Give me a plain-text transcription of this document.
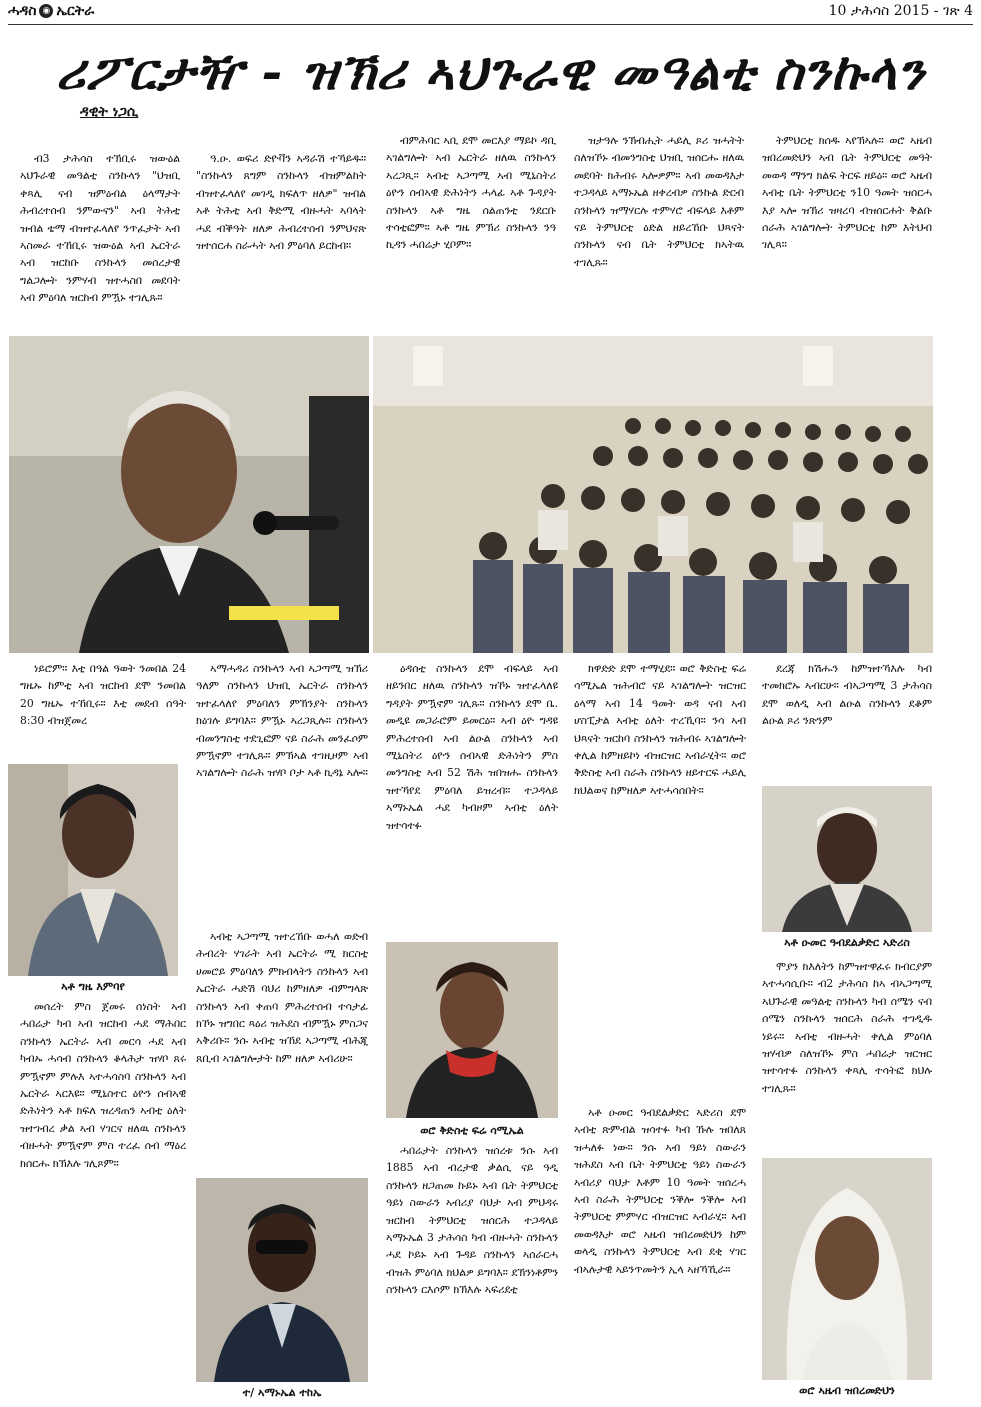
ሓዳስ ◉ ኤርትራ	10 ታሕሳስ 2015 - ገጽ 4
ሪፖርታዥ - ዝኽሪ ኣህጉራዊ መዓልቲ ስንኩላን
ዳዊት ነጋሲ

ብ3 ታሕሳስ ተኽቢሩ ዝውዕል ኣህጉራዊ መዓልቲ ስንኩላን "ህዝቢ ቀጻሊ ናብ ዝምዕብል ዕላማታት ሕብረተሰብ ንምውናን" ኣብ ትሕቲ ዝብል ቴማ ብዝተፈላለየ ንጥፈታት ኣብ ኣስመራ ተኸቢሩ ዝውዕል ኣብ ኤርትራ ኣብ ዝርከቡ ስንኩላን መሰረታዊ ግልጋሎት ንምሃብ ዝተሓስበ መደባት ኣብ ምዕባለ ዝርከብ ምዃኑ ተገሊጹ።

ዓ.ዑ. ወፍሪ ድዮቫን ኣዳራሽ ተኻይዱ። "ስንኩላን ጸግም ስንኩላን ብዝምልከት ብዝተፈላለየ መገዲ ክፍለጥ ዘለዎ" ዝብል ኣቶ ትሕቲ ኣብ ቅድሚ ብዙሓት ኣባላት ሓደ ብቕዓት ዘለዎ ሕብረተሰብ ንምህናጽ ዝተሰርሐ ስራሓት ኣብ ምዕባለ ይርከብ።

ብምሕባር ኣቢ ደሞ መርእያ ማይኮ ዳቢ ኣገልግሎት ኣብ ኤርትራ ዘለዉ ስንኩላን ኣረጋጺ። ኣብቲ ኣጋጣሚ ኣብ ሚኒስትሪ ዕዮን ሰብኣዊ ድሕነትን ሓላፊ ኣቶ ጉዳያት ስንኩላን ኣቶ ግዜ ሰልጠንቲ ንደርቡ ተሳቲፎም። ኣቶ ግዜ ምኽሪ ስንኩላን ንዓ ኪዳን ሓበሬታ ሂቦም።

ዝታዓሉ ንኽብሒት ሓይሊ ጾሪ ዝሓትት ስለዝኾኑ ብመንግስቲ ህዝቢ ዝሰርሑ ዘለዉ መደባት ክሕብሩ ኣሎዎም። ኣብ መወዳእታ ተጋዳላይ ኣማኑኤል ዘቀረብዎ ስንኩል ድርብ ስንኩላን ዝማሃርሉ ተምሃሮ ብፍላይ እቶም ናይ ትምህርቲ ዕድል ዘይረኸቡ ህጻናት ስንኩላን ናብ ቤት ትምህርቲ ክኣትዉ ተገሊጹ።

ትምህርቲ ክሰዱ ኣየኽኣሉ። ወሮ ኣዜብ ዝበረመድህን ኣብ ቤት ትምህርቲ መዓት መወዳ ማንግ ክልፍ ትርፍ ዘይዕ። ወሮ ኣዜብ ኣብቲ ቤት ትምህርቲ ን10 ዓመት ዝሰርሓ እያ ኣሎ ዝኽሪ ዝዛረባ ብዝሰርሐት ቅልቡ ሰራሕ ኣገልግሎት ትምህርቲ ከም እትህብ ገሊጻ።

ነይሮም። እቲ በዓል ዓወት ንመበል 24 ግዜኡ ከምቲ ኣብ ዝርከብ ደሞ ንመበል 20 ግዜኡ ተኸቢሩ። እቲ መደብ ሰዓት 8:30 ብዝጀመረ

ኣማሓዳሪ ስንኩላን ኣብ ኣጋጣሚ ዝኽሪ ዓለም ስንኩላን ህዝቢ ኤርትራ ስንኩላን ዝተፈላለየ ምዕባለን ምኽንያት ስንኩላን ክዕገሉ ይግባእ። ምዃኑ ኣረጋጺሉ። ስንኩላን ብመንግስቲ ተደጊፎም ናይ ስራሕ መንፈሶም ምዃኖም ተገሊጹ። ምኽኣል ተገዚዞም ኣብ ኣገልግሎት ስራሕ ዝሃቦ ቦታ ኣቶ ኪዳኔ ኣሎ።

ዕዳሰቲ ስንኩላን ደሞ ብፍላይ ኣብ ዘይንበር ዘለዉ ስንኩላን ዝኾኑ ዝተፈላለዩ ግዳያት ምዃኖም ገሊጹ። ስንኩላን ደሞ ቤ. መዲዩ መጋራሮም ይመርዕ። ኣብ ዕዮ ግዳዩ ምሕረተሰብ ኣብ ልዑል ስንኩላን ኣብ ሚኒስትሪ ዕዮን ሰብኣዊ ድሕነትን ምስ መንግስቲ ኣብ 52 ሽሕ ዝበዝሑ ስንኩላን ዝተኻየደ ምዕባለ ይዝረብ። ተጋዳላይ ኣማኑኤል ሓደ ካብዞም ኣብቲ ዕለት ዝተሳተፉ

ክዋድድ ደሞ ተማሂደ። ወሮ ቅድስቲ ፍሬ ሳሚኤል ዝሕብሮ ናይ ኣገልግሎት ዝርዝር ዕላማ ኣብ 14 ዓመት ወዳ ናብ ኣብ ሆስፒታል ኣብቲ ዕለት ተረኺባ። ንሳ ኣብ ህጻናት ዝርከባ ስንኩላን ዝሕብሩ ኣገልግሎት ቀሊል ከምዘይኮነ ብዝርዝር ኣብራሂት። ወሮ ቅድስቲ ኣብ ስራሕ ስንኩላን ዘይተርፍ ሓይሊ ክህልወና ከምዘለዎ ኣተሓሳሰበት።

ደረጃ ክሽሑን ከምዝተኻእሉ ካብ ተመክሮኡ ኣብርሁ። ብኣጋጣሚ 3 ታሕሳስ ደሞ ወለዲ ኣብ ልዑል ስንኩላን ደቆም ልዑል ጾሪ ንጽንም

ኣቶ ግዜ እምባየ
ወሮ ቅድስቲ ፍሬ ሳሚኤል
ኣቶ ዑመር ዓብደልቃድር ኣድሪስ

መሰረት ምስ ጀመሩ ሰነስት ኣብ ሓበሬታ ካብ ኣብ ዝርከብ ሓደ ማሕበር ስንኩላን ኤርትራ ኣብ መርሳ ሓደ ኣብ ካብኡ ሓሳብ ስንኩላን ቆላሕታ ዝሃቦ ጸሩ ምዃኖም ምሉእ ኣተሓሳስባ ስንኩላን ኣብ ኤርትራ ኣርእዩ። ሚኒስተር ዕዮን ሰብኣዊ ድሕነትን ኣቶ ክፍለ ዝረዳጠን ኣብቲ ዕለት ዝተገብረ ቃል ኣብ ሃገርና ዘለዉ ስንኩላን ብዙሓት ምዃኖም ምስ ተረፈ ሰብ ማዕረ ክሰርሑ ክኽእሉ ገሊጾም።

ኣብቲ ኣጋጣሚ ዝተረኸቡ ወሓለ ወድብ ሕብረት ሃገራት ኣብ ኤርትራ ሚ ክርስቲ ሀመሮይ ምዕባለን ምክብላትን ስንኩላን ኣብ ኤርትራ ሓድሽ ባህሪ ከምዘለዎ ብምግላጽ ስንኩላን ኣብ ቀጠባ ምሕረተሰብ ተሳታፊ ክኾኑ ዝግበር ጻዕሪ ዝሕደስ ብምዃኑ ምስጋና ኣቅሪቡ። ንሱ ኣብቲ ዝኸደ ኣጋጣሚ ብሕጂ ጸቢብ ኣገልግሎታት ከም ዘለዎ ኣብሪሁ።

ሓበሬታት ስንኩላን ዝሰረቱ ንሱ ኣብ 1885 ኣብ ብረታዊ ቃልሲ ናይ ዓዲ ስንኩላን ዘጋጠመ ኩይኑ ኣብ ቤት ትምህርቲ ዓይነ ስውራን ኣብሪያ ባህታ ኣብ ምህዳሩ ዝርከብ ትምህርቲ ዝሰርሕ ተጋዳላይ ኣማኑኤል 3 ታሕሳስ ካብ ብዙሓት ስንኩላን ሓደ ኮይኑ ኣብ ጉዳይ ስንኩላን ኣሰራርሓ ብዝሕ ምዕባለ ክህልዎ ይግባእ። ደኽንነቶምን ስንኩላን ርእሶም ክኽእሉ ኣፍሪደቲ

ኣቶ ዑመር ዓብደልቃድር ኣድሪስ ደሞ ኣብቲ ጽምብል ዝሳተፉ ካብ ኹሉ ዝበለጸ ዝሓለፉ ነው። ንሱ ኣብ ዓይነ ስውራን ዝሕደስ ኣብ ቤት ትምህርቲ ዓይነ ስውራን ኣብሪያ ባህታ እቶም 10 ዓመት ዝሰረሓ ኣብ ስራሕ ትምህርቲ ንቕሎ ንቕሎ ኣብ ትምህርቲ ምምሃር ብዝርዝር ኣብራሂ። ኣብ መወዳእታ ወሮ ኣዜብ ዝበረመድህን ከም ወላዲ ስንኩላን ትምህርቲ ኣብ ደቂ ሃገር ብኣሉታዊ ኣይንጥመትን ኢላ ኣዘኻኺራ።

ሞያን ክእለትን ከምዝተዋፈሩ ክብርያም ኣተሓሳሲቡ። ብ2 ታሕሳስ ከኣ ብኣጋጣሚ ኣህጉራዊ መዓልቲ ስንኩላን ካብ ሰሜን ናብ ሰሜን ስንኩላን ዝሰርሕ ስራሕ ተገዲዱ ነይሩ። ኣብቲ ብዙሓት ቀሊል ምዕባለ ዝሃብዎ ስለዝኾኑ ምስ ሓበሬታ ዝርዝር ዝተሳተፉ ስንኩላን ቀጻሊ ተሳትፎ ክህሉ ተገሊጹ።

ተ/ ኣማኑኤል ተከኤ	ወሮ ኣዜብ ዝበረመድህን
